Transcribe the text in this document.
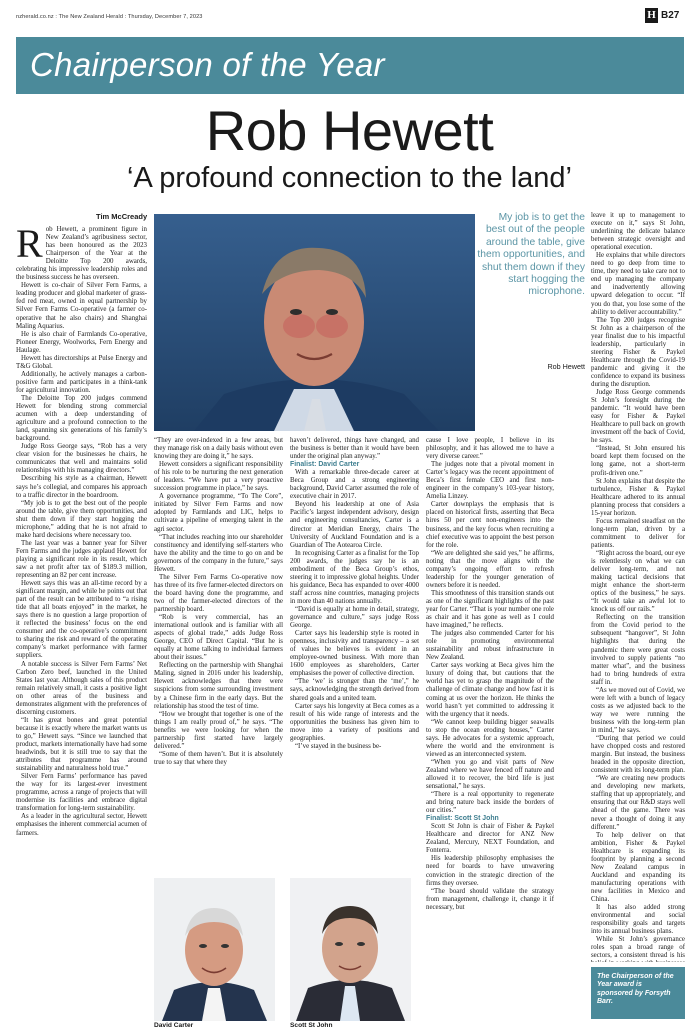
nzherald.co.nz : The New Zealand Herald : Thursday, December 7, 2023	H B27
Chairperson of the Year
Rob Hewett
‘A profound connection to the land’
Tim McCready
R ob Hewett, a prominent figure in New Zealand’s agribusiness sector, has been honoured as the 2023 Chairperson of the Year at the Deloitte Top 200 awards, celebrating his impressive leadership roles and the business success he has overseen.

Hewett is co-chair of Silver Fern Farms, a leading producer and global marketer of grass-fed red meat, owned in equal partnership by Silver Fern Farms Co-operative (a farmer co-operative that he also chairs) and Shanghai Maling Aquarius.

He is also chair of Farmlands Co-operative, Pioneer Energy, Woolworks, Fern Energy and Haulage.

Hewett has directorships at Pulse Energy and T&G Global.

Additionally, he actively manages a carbon-positive farm and participates in a think-tank for agricultural innovation.

The Deloitte Top 200 judges commend Hewett for blending strong commercial acumen with a deep understanding of agriculture and a profound connection to the land, spanning six generations of his family’s background.

Judge Ross George says, “Rob has a very clear vision for the businesses he chairs, he communicates that well and maintains solid relationships with his managing directors.”

Describing his style as a chairman, Hewett says he’s collegial, and compares his approach to a traffic director in the boardroom.

“My job is to get the best out of the people around the table, give them opportunities, and shut them down if they start hogging the microphone,” adding that he is not afraid to make hard decisions where necessary too.

The last year was a banner year for Silver Fern Farms and the judges applaud Hewett for playing a significant role in its result, which saw a net profit after tax of $189.3 million, representing an 82 per cent increase.

Hewett says this was an all-time record by a significant margin, and while he points out that part of the result can be attributed to “a rising tide that all boats enjoyed” in the market, he says there is no question a large proportion of it reflected the business’ focus on the end consumer and the co-operative’s commitment to sharing the risk and reward of the operating company’s market performance with farmer suppliers.

A notable success is Silver Fern Farms’ Net Carbon Zero beef, launched in the United States last year. Although sales of this product remain relatively small, it casts a positive light on other areas of the business and demonstrates alignment with the preferences of discerning customers.

“It has great bones and great potential because it is exactly where the market wants us to go,” Hewett says. “Since we launched that product, markets internationally have had some headwinds, but it is still true to say that the attributes that programme has around sustainability and naturalness hold true.”

Silver Fern Farms’ performance has paved the way for its largest-ever investment programme, across a range of projects that will modernise its facilities and embrace digital transformation for long-term sustainability.

As a leader in the agricultural sector, Hewett emphasises the inherent commercial acumen of farmers.

My job is to get the best out of the people around the table, give them opportunities, and shut them down if they start hogging the microphone.
Rob Hewett

“They are over-indexed in a few areas, but they manage risk on a daily basis without even knowing they are doing it,” he says.

Hewett considers a significant responsibility of his role to be nurturing the next generation of leaders. “We have put a very proactive succession programme in place,” he says.

A governance programme, “To The Core”, initiated by Silver Fern Farms and now adopted by Farmlands and LIC, helps to cultivate a pipeline of emerging talent in the agri sector.

“That includes reaching into our shareholder constituency and identifying self-starters who have the ability and the time to go on and be governors of the company in the future,” says Hewett.

The Silver Fern Farms Co-operative now has three of its five farmer-elected directors on the board having done the programme, and two of the farmer-elected directors of the partnership board.

“Rob is very commercial, has an international outlook and is familiar with all aspects of global trade,” adds Judge Ross George, CEO of Direct Capital. “But he is equally at home talking to individual farmers about their issues.”

Reflecting on the partnership with Shanghai Maling, signed in 2016 under his leadership, Hewett acknowledges that there were suspicions from some surrounding investment by a Chinese firm in the early days. But the relationship has stood the test of time.

“How we brought that together is one of the things I am really proud of,” he says. “The benefits we were looking for when the partnership first started have largely delivered.”

“Some of them haven’t. But it is absolutely true to say that where they

haven’t delivered, things have changed, and the business is better than it would have been under the original plan anyway.”

Finalist: David Carter

With a remarkable three-decade career at Beca Group and a strong engineering background, David Carter assumed the role of executive chair in 2017.

Beyond his leadership at one of Asia Pacific’s largest independent advisory, design and engineering consultancies, Carter is a director at Meridian Energy, chairs The University of Auckland Foundation and is a Guardian of The Aotearoa Circle.

In recognising Carter as a finalist for the Top 200 awards, the judges say he is an embodiment of the Beca Group’s ethos, steering it to impressive global heights. Under his guidance, Beca has expanded to over 4000 staff across nine countries, managing projects in more than 40 nations annually.

“David is equally at home in detail, strategy, governance and culture,” says judge Ross George.

Carter says his leadership style is rooted in openness, inclusivity and transparency – a set of values he believes is evident in an employee-owned business. With more than 1600 employees as shareholders, Carter emphasises the power of collective direction.

“The ‘we’ is stronger than the ‘me’,” he says, acknowledging the strength derived from shared goals and a united team.

Carter says his longevity at Beca comes as a result of his wide range of interests and the opportunities the business has given him to move into a variety of positions and geographies.

“I’ve stayed in the business be-

David Carter	Scott St John

cause I love people, I believe in its philosophy, and it has allowed me to have a very diverse career.”

The judges note that a pivotal moment in Carter’s legacy was the recent appointment of Beca’s first female CEO and first non-engineer in the company’s 103-year history, Amelia Linzey.

Carter downplays the emphasis that is placed on historical firsts, asserting that Beca hires 50 per cent non-engineers into the business, and the key focus when recruiting a chief executive was to appoint the best person for the role.

“We are delighted she said yes,” he affirms, noting that the move aligns with the company’s ongoing effort to refresh leadership for the younger generation of owners before it is needed.

This smoothness of this transition stands out as one of the significant highlights of the past year for Carter. “That is your number one role as chair and it has gone as well as I could have imagined,” he reflects.

The judges also commended Carter for his role in promoting environmental sustainability and robust infrastructure in New Zealand.

Carter says working at Beca gives him the luxury of doing that, but cautions that the world has yet to grasp the magnitude of the challenge of climate change and how fast it is coming at us over the horizon. He thinks the world hasn’t yet committed to addressing it with the urgency that it needs.

“We cannot keep building bigger seawalls to stop the ocean eroding houses,” Carter says. He advocates for a systemic approach, where the world and the environment is viewed as an interconnected system.

“When you go and visit parts of New Zealand where we have fenced off nature and allowed it to recover, the bird life is just sensational,” he says.

“There is a real opportunity to regenerate and bring nature back inside the borders of our cities.”

Finalist: Scott St John

Scott St John is chair of Fisher & Paykel Healthcare and director for ANZ New Zealand, Mercury, NEXT Foundation, and Fonterra.

His leadership philosophy emphasises the need for boards to have unwavering conviction in the strategic direction of the firms they oversee.

“The board should validate the strategy from management, challenge it, change it if necessary, but

leave it up to management to execute on it,” says St John, underlining the delicate balance between strategic oversight and operational execution.

He explains that while directors need to go deep from time to time, they need to take care not to end up managing the company and inadvertently allowing upward delegation to occur. “If you do that, you lose some of the ability to deliver accountability.”

The Top 200 judges recognise St John as a chairperson of the year finalist due to his impactful leadership, particularly in steering Fisher & Paykel Healthcare through the Covid-19 pandemic and giving it the confidence to expand its business during the disruption.

Judge Ross George commends St John’s foresight during the pandemic. “It would have been easy for Fisher & Paykel Healthcare to pull back on growth investment off the back of Covid, he says.

“Instead, St John ensured his board kept them focused on the long game, not a short-term profit-driven one.”

St John explains that despite the turbulence, Fisher & Paykel Healthcare adhered to its annual planning process that considers a 15-year horizon.

Focus remained steadfast on the long-term plan, driven by a commitment to deliver for patients.

“Right across the board, our eye is relentlessly on what we can deliver long-term, and not making tactical decisions that might enhance the short-term optics of the business,” he says. “It would take an awful lot to knock us off our rails.”

Reflecting on the transition from the Covid period to the subsequent “hangover”, St John highlights that during the pandemic there were great costs involved to supply patients “no matter what”, and the business had to bring hundreds of extra staff in.

“As we moved out of Covid, we were left with a bunch of legacy costs as we adjusted back to the way we were running the business with the long-term plan in mind,” he says.

“During that period we could have chopped costs and restored margin. But instead, the business headed in the opposite direction, consistent with its long-term plan.

“We are creating new products and developing new markets, staffing that up appropriately, and ensuring that our R&D stays well ahead of the game. There was never a thought of doing it any different.”

To help deliver on that ambition, Fisher & Paykel Healthcare is expanding its footprint by planning a second New Zealand campus in Auckland and expanding its manufacturing operations with new facilities in Mexico and China.

It has also added strong environmental and social responsibility goals and targets into its annual business plans.

While St John’s governance roles span a broad range of sectors, a consistent thread is his

The Chairperson of the Year award is sponsored by Forsyth Barr.
